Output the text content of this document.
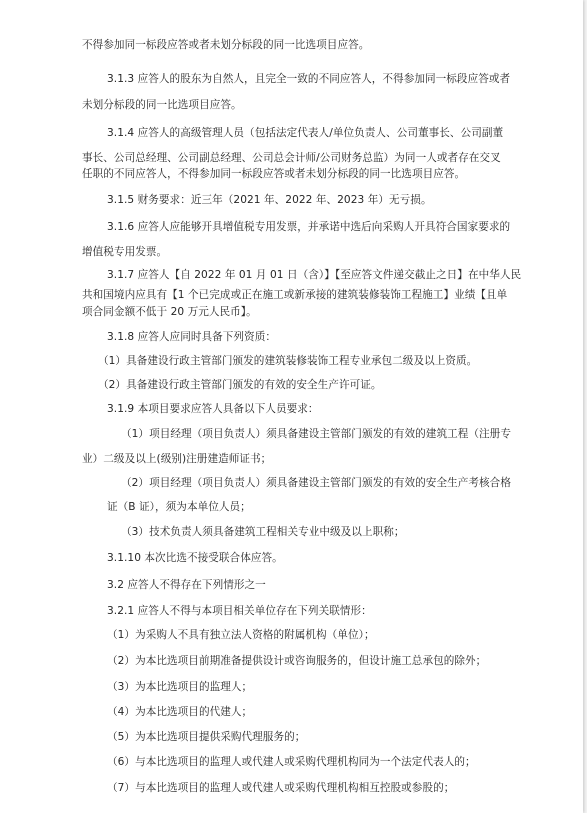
不得参加同一标段应答或者未划分标段的同一比选项目应答。
3.1.3 应答人的股东为自然人，且完全一致的不同应答人，不得参加同一标段应答或者
未划分标段的同一比选项目应答。
3.1.4 应答人的高级管理人员（包括法定代表人/单位负责人、公司董事长、公司副董
事长、公司总经理、公司副总经理、公司总会计师/公司财务总监）为同一人或者存在交叉
任职的不同应答人，不得参加同一标段应答或者未划分标段的同一比选项目应答。
3.1.5 财务要求：近三年（2021 年、2022 年、2023 年）无亏损。
3.1.6 应答人应能够开具增值税专用发票，并承诺中选后向采购人开具符合国家要求的
增值税专用发票。
3.1.7 应答人【自 2022 年 01 月 01 日（含）】【至应答文件递交截止之日】在中华人民
共和国境内应具有【1 个已完成或正在施工或新承接的建筑装修装饰工程施工】业绩【且单
项合同金额不低于 20 万元人民币】。
3.1.8 应答人应同时具备下列资质：
（1）具备建设行政主管部门颁发的建筑装修装饰工程专业承包二级及以上资质。
（2）具备建设行政主管部门颁发的有效的安全生产许可证。
3.1.9 本项目要求应答人具备以下人员要求：
（1）项目经理（项目负责人）须具备建设主管部门颁发的有效的建筑工程（注册专
业）二级及以上(级别)注册建造师证书；
（2）项目经理（项目负责人）须具备建设主管部门颁发的有效的安全生产考核合格
证（B 证），须为本单位人员；
（3）技术负责人须具备建筑工程相关专业中级及以上职称；
3.1.10 本次比选不接受联合体应答。
3.2 应答人不得存在下列情形之一
3.2.1 应答人不得与本项目相关单位存在下列关联情形：
（1）为采购人不具有独立法人资格的附属机构（单位）；
（2）为本比选项目前期准备提供设计或咨询服务的，但设计施工总承包的除外；
（3）为本比选项目的监理人；
（4）为本比选项目的代建人；
（5）为本比选项目提供采购代理服务的；
（6）与本比选项目的监理人或代建人或采购代理机构同为一个法定代表人的；
（7）与本比选项目的监理人或代建人或采购代理机构相互控股或参股的；
